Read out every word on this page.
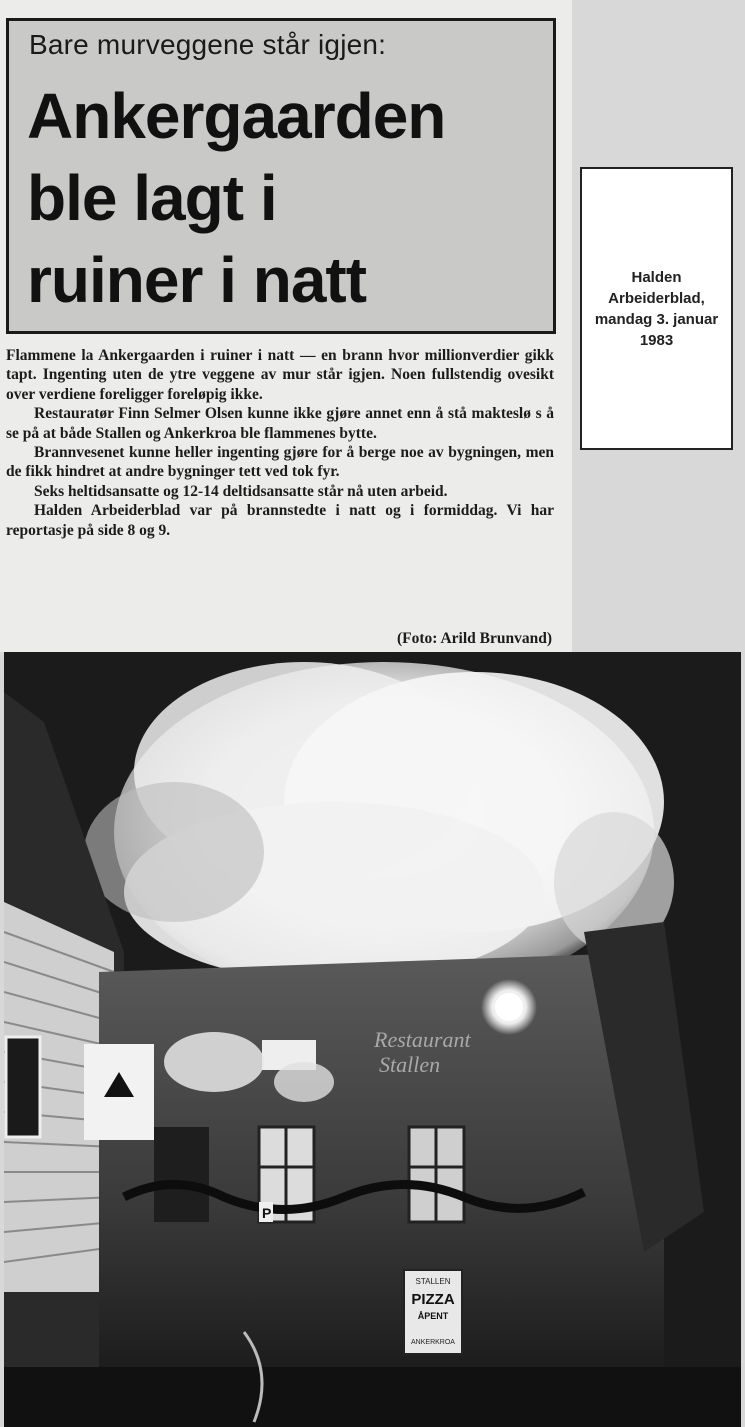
Bare murveggene står igjen:
Ankergaarden
ble lagt i
ruiner i natt

Flammene la Ankergaarden i ruiner i natt — en brann hvor millionverdier gikk tapt. Ingenting uten de ytre veggene av mur står igjen. Noen fullstendig ovesikt over verdiene foreligger foreløpig ikke.

Restauratør Finn Selmer Olsen kunne ikke gjøre annet enn å stå makteslø s å se på at både Stallen og Ankerkroa ble flammenes bytte.

Brannvesenet kunne heller ingenting gjøre for å berge noe av bygningen, men de fikk hindret at andre bygninger tett ved tok fyr.

Seks heltidsansatte og 12-14 deltidsansatte står nå uten arbeid.

Halden Arbeiderblad var på brannstedte i natt og i formiddag. Vi har reportasje på side 8 og 9.

(Foto: Arild Brunvand)
Halden
Arbeiderblad,
mandag 3. januar
1983
Restaurant
Stallen
P
STALLEN
PIZZA
ÅPENT
ANKERKROA
